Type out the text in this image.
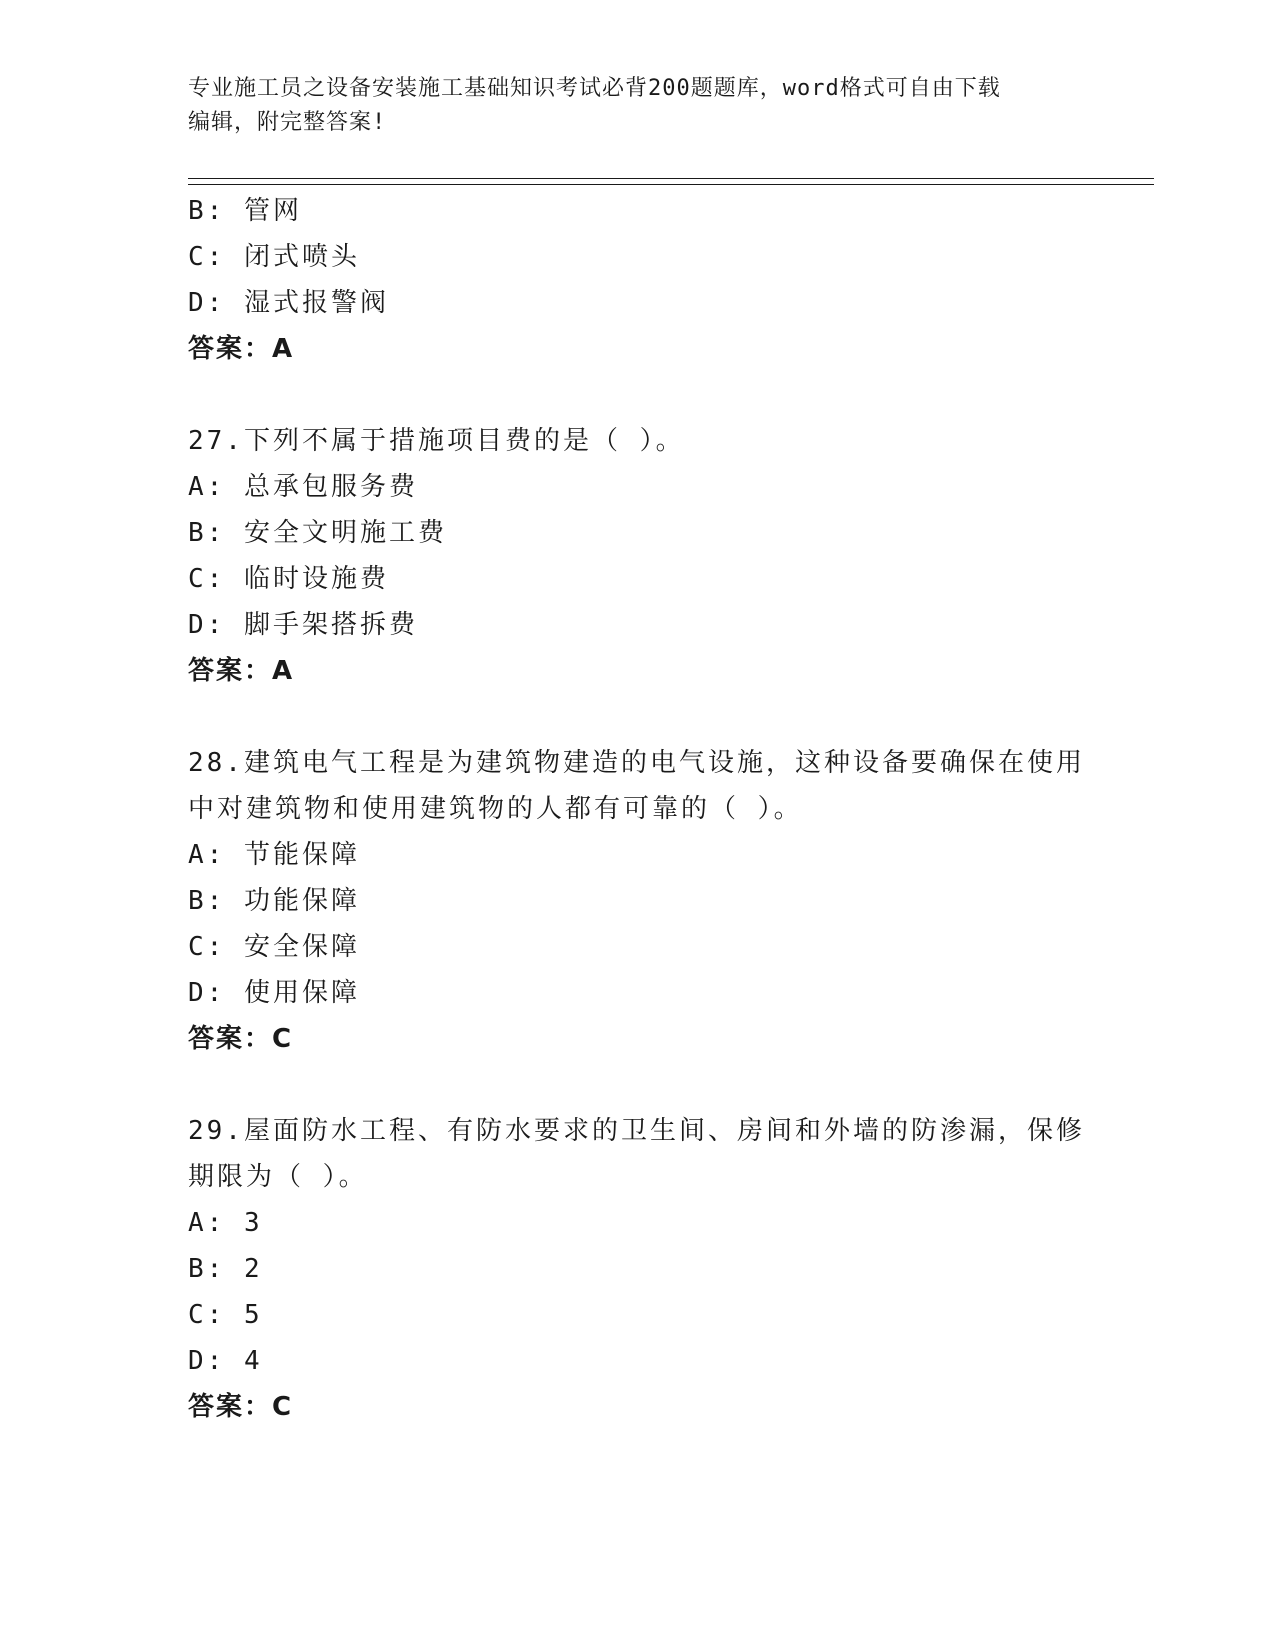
专业施工员之设备安装施工基础知识考试必背200题题库，word格式可自由下载
编辑，附完整答案!
B: 管网
C: 闭式喷头
D: 湿式报警阀
答案：A
27.下列不属于措施项目费的是（ ）。
A: 总承包服务费
B: 安全文明施工费
C: 临时设施费
D: 脚手架搭拆费
答案：A
28.建筑电气工程是为建筑物建造的电气设施，这种设备要确保在使用
中对建筑物和使用建筑物的人都有可靠的（ ）。
A: 节能保障
B: 功能保障
C: 安全保障
D: 使用保障
答案：C
29.屋面防水工程、有防水要求的卫生间、房间和外墙的防渗漏，保修
期限为（ ）。
A: 3
B: 2
C: 5
D: 4
答案：C
